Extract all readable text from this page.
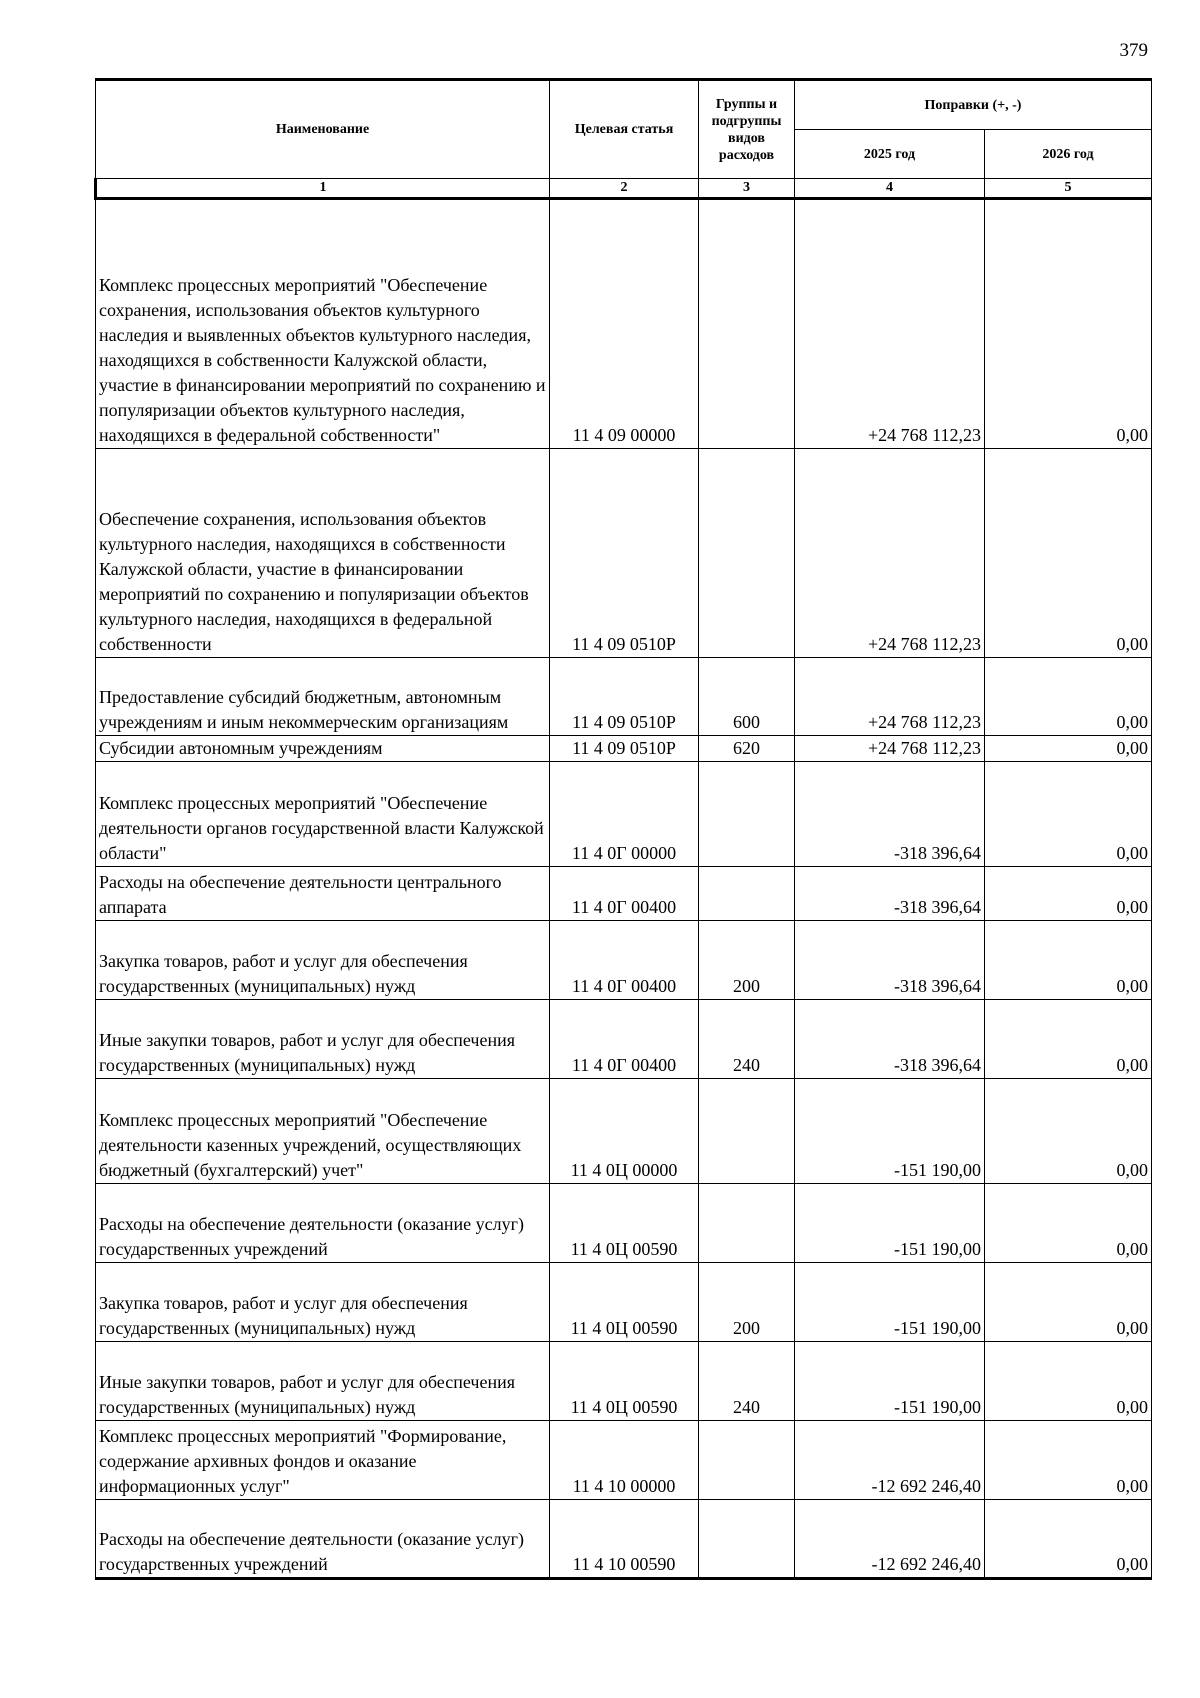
379
Наименование	Целевая статья	Группы и подгруппы видов расходов	Поправки (+, -)	
			2025 год	2026 год
1	2	3	4	5
Комплекс процессных мероприятий "Обеспечение сохранения, использования объектов культурного наследия и выявленных объектов культурного наследия, находящихся в собственности Калужской области, участие в финансировании мероприятий по сохранению и популяризации объектов культурного наследия, находящихся в федеральной собственности"	11 4 09 00000		+24 768 112,23	0,00
Обеспечение сохранения, использования объектов культурного наследия, находящихся в собственности Калужской области, участие в финансировании мероприятий по сохранению и популяризации объектов культурного наследия, находящихся в федеральной собственности	11 4 09 0510Р		+24 768 112,23	0,00
Предоставление субсидий бюджетным, автономным учреждениям и иным некоммерческим организациям	11 4 09 0510Р	600	+24 768 112,23	0,00
Субсидии автономным учреждениям	11 4 09 0510Р	620	+24 768 112,23	0,00
Комплекс процессных мероприятий "Обеспечение деятельности органов государственной власти Калужской области"	11 4 0Г 00000		-318 396,64	0,00
Расходы на обеспечение деятельности центрального аппарата	11 4 0Г 00400		-318 396,64	0,00
Закупка товаров, работ и услуг для обеспечения государственных (муниципальных) нужд	11 4 0Г 00400	200	-318 396,64	0,00
Иные закупки товаров, работ и услуг для обеспечения государственных (муниципальных) нужд	11 4 0Г 00400	240	-318 396,64	0,00
Комплекс процессных мероприятий "Обеспечение деятельности казенных учреждений, осуществляющих бюджетный (бухгалтерский) учет"	11 4 0Ц 00000		-151 190,00	0,00
Расходы на обеспечение деятельности (оказание услуг) государственных учреждений	11 4 0Ц 00590		-151 190,00	0,00
Закупка товаров, работ и услуг для обеспечения государственных (муниципальных) нужд	11 4 0Ц 00590	200	-151 190,00	0,00
Иные закупки товаров, работ и услуг для обеспечения государственных (муниципальных) нужд	11 4 0Ц 00590	240	-151 190,00	0,00
Комплекс процессных мероприятий "Формирование, содержание архивных фондов и оказание информационных услуг"	11 4 10 00000		-12 692 246,40	0,00
Расходы на обеспечение деятельности (оказание услуг) государственных учреждений	11 4 10 00590		-12 692 246,40	0,00
